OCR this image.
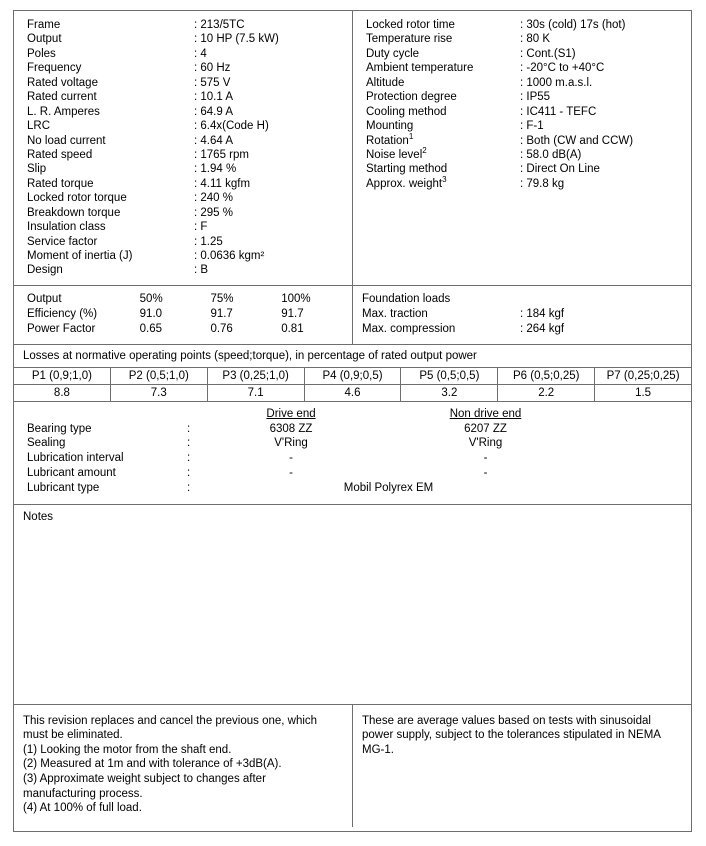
Frame	: 213/5TC
Output	: 10 HP (7.5 kW)
Poles	: 4
Frequency	: 60 Hz
Rated voltage	: 575 V
Rated current	: 10.1 A
L. R. Amperes	: 64.9 A
LRC	: 6.4x(Code H)
No load current	: 4.64 A
Rated speed	: 1765 rpm
Slip	: 1.94 %
Rated torque	: 4.11 kgfm
Locked rotor torque	: 240 %
Breakdown torque	: 295 %
Insulation class	: F
Service factor	: 1.25
Moment of inertia (J)	: 0.0636 kgm²
Design	: B
Locked rotor time	: 30s (cold) 17s (hot)
Temperature rise	: 80 K
Duty cycle	: Cont.(S1)
Ambient temperature	: -20°C to +40°C
Altitude	: 1000 m.a.s.l.
Protection degree	: IP55
Cooling method	: IC411 - TEFC
Mounting	: F-1
Rotation$^1$	: Both (CW and CCW)
Noise level$^2$	: 58.0 dB(A)
Starting method	: Direct On Line
Approx. weight$^3$	: 79.8 kg
Output	50%	75%	100%
Efficiency (%)	91.0	91.7	91.7
Power Factor	0.65	0.76	0.81
Foundation loads
Max. traction	: 184 kgf
Max. compression	: 264 kgf
Losses at normative operating points (speed;torque), in percentage of rated output power
P1 (0,9;1,0)	P2 (0,5;1,0)	P3 (0,25;1,0)	P4 (0,9;0,5)	P5 (0,5;0,5)	P6 (0,5;0,25)	P7 (0,25;0,25)
8.8	7.3	7.1	4.6	3.2	2.2	1.5
Drive end	Non drive end
Bearing type	:	6308 ZZ	6207 ZZ
Sealing	:	V'Ring	V'Ring
Lubrication interval	:	-	-
Lubricant amount	:	-	-
Lubricant type	:	Mobil Polyrex EM
Notes

This revision replaces and cancel the previous one, which must be eliminated.

(1) Looking the motor from the shaft end.

(2) Measured at 1m and with tolerance of +3dB(A).

(3) Approximate weight subject to changes after manufacturing process.

(4) At 100% of full load.

These are average values based on tests with sinusoidal power supply, subject to the tolerances stipulated in NEMA MG-1.
